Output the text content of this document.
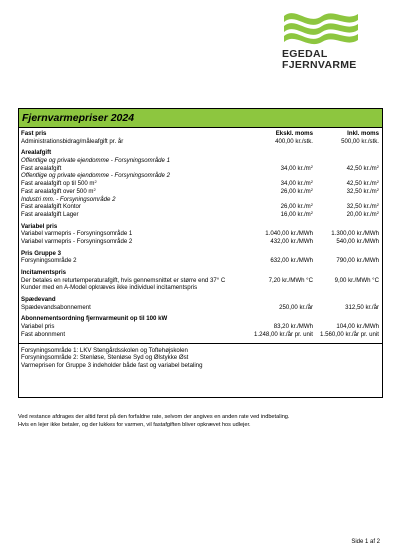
EGEDAL
FJERNVARME
Fjernvarmepriser 2024
Fast pris	Ekskl. moms	Inkl. moms
Administrationsbidrag/måleafgift pr. år	400,00 kr./stk.	500,00 kr./stk.
Arealafgift
Offentlige og private ejendomme - Forsyningsområde 1
Fast arealafgift	34,00 $kr./m^2$	42,50 $kr./m^2$
Offentlige og private ejendomme - Forsyningsområde 2
Fast arealafgift op til 500 $m^2$	34,00 $kr./m^2$	42,50 $kr./m^2$
Fast arealafgift over 500 $m^2$	26,00 $kr./m^2$	32,50 $kr./m^2$
Industri mm. - Forsyningsområde 2
Fast arealafgift Kontor	26,00 $kr./m^2$	32,50 $kr./m^2$
Fast arealafgift Lager	16,00 $kr./m^2$	20,00 $kr./m^2$
Variabel pris
Variabel varmepris - Forsyningsområde 1	1.040,00 kr./MWh	1.300,00 kr./MWh
Variabel varmepris - Forsyningsområde 2	432,00 kr./MWh	540,00 kr./MWh
Pris Gruppe 3
Forsyningsområde 2	632,00 kr./MWh	790,00 kr./MWh
Incitamentspris
Der betales en returtemperaturafgift, hvis gennemsnittet er større end 37° C	7,20 kr./MWh °C	9,00 kr./MWh °C
Kunder med en A-Model opkræves ikke individuel incitamentspris
Spædevand
Spædevandsabonnement	250,00 kr./år	312,50 kr./år
Abonnementsordning fjernvarmeunit op til 100 kW
Variabel pris	83,20 kr./MWh	104,00 kr./MWh
Fast abonnment	1.248,00 kr./år pr. unit	1.560,00 kr./år pr. unit
Forsyningsområde 1: LKV Stengårdsskolen og Toftehøjskolen
Forsyningsområde 2: Stenløse, Stenløse Syd og Ølstykke Øst
Varmeprisen for Gruppe 3 indeholder både fast og variabel betaling
Ved restance afdrages der altid først på den forfaldne rate, selvom der angives en anden rate ved indbetaling.
Hvis en lejer ikke betaler, og der lukkes for varmen, vil fastafgiften bliver opkrævet hos udlejer.
Side 1 af 2
